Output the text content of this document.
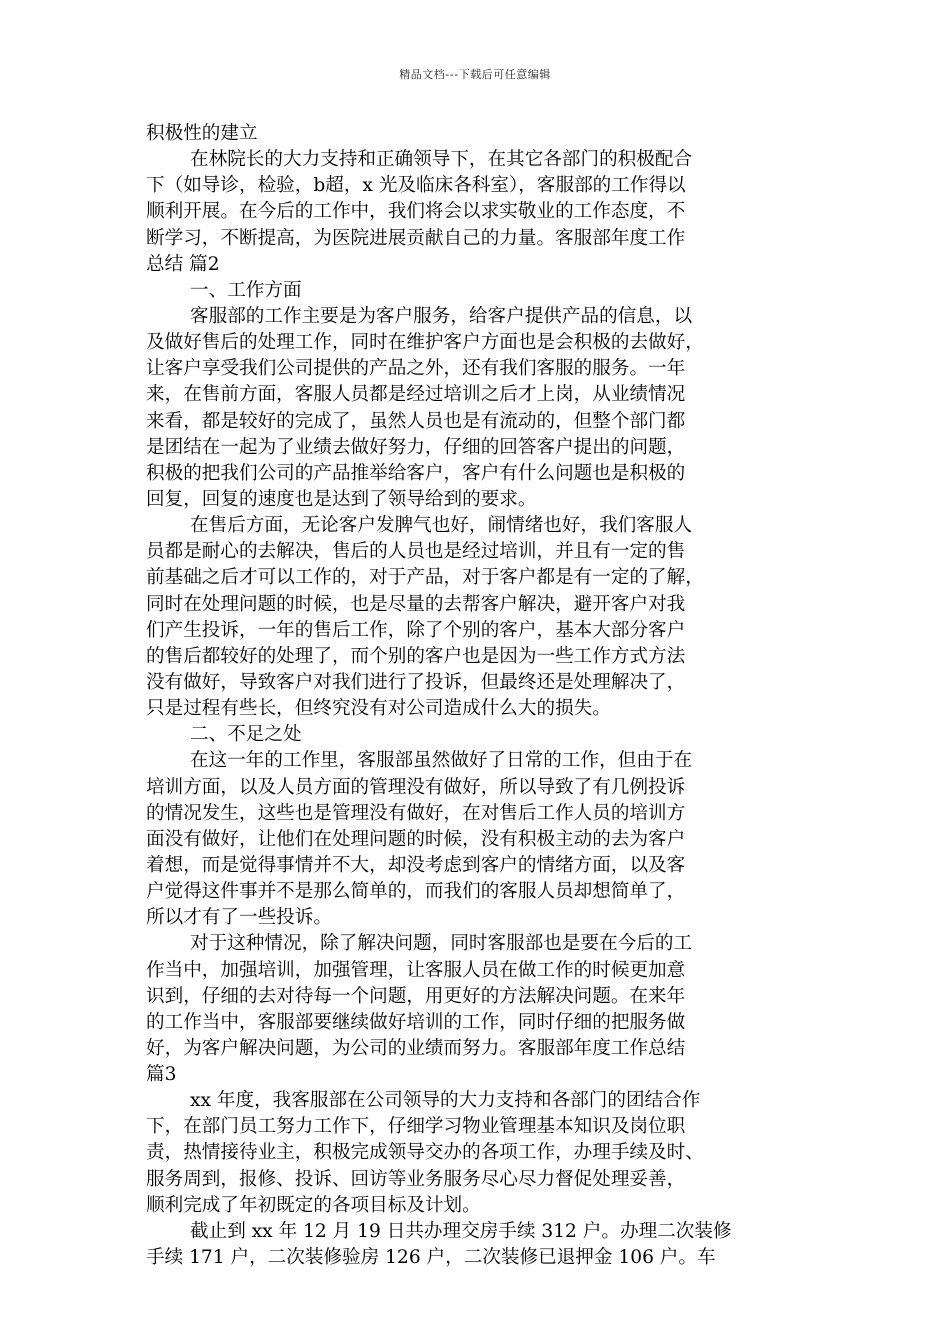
精品文档---下载后可任意编辑
积极性的建立
在林院长的大力支持和正确领导下，在其它各部门的积极配合
下（如导诊，检验，b超，x 光及临床各科室），客服部的工作得以
顺利开展。在今后的工作中，我们将会以求实敬业的工作态度，不
断学习，不断提高，为医院进展贡献自己的力量。客服部年度工作
总结 篇2
一、工作方面
客服部的工作主要是为客户服务，给客户提供产品的信息，以
及做好售后的处理工作，同时在维护客户方面也是会积极的去做好，
让客户享受我们公司提供的产品之外，还有我们客服的服务。一年
来，在售前方面，客服人员都是经过培训之后才上岗，从业绩情况
来看，都是较好的完成了，虽然人员也是有流动的，但整个部门都
是团结在一起为了业绩去做好努力，仔细的回答客户提出的问题，
积极的把我们公司的产品推举给客户，客户有什么问题也是积极的
回复，回复的速度也是达到了领导给到的要求。
在售后方面，无论客户发脾气也好，闹情绪也好，我们客服人
员都是耐心的去解决，售后的人员也是经过培训，并且有一定的售
前基础之后才可以工作的，对于产品，对于客户都是有一定的了解，
同时在处理问题的时候，也是尽量的去帮客户解决，避开客户对我
们产生投诉，一年的售后工作，除了个别的客户，基本大部分客户
的售后都较好的处理了，而个别的客户也是因为一些工作方式方法
没有做好，导致客户对我们进行了投诉，但最终还是处理解决了，
只是过程有些长，但终究没有对公司造成什么大的损失。
二、不足之处
在这一年的工作里，客服部虽然做好了日常的工作，但由于在
培训方面，以及人员方面的管理没有做好，所以导致了有几例投诉
的情况发生，这些也是管理没有做好，在对售后工作人员的培训方
面没有做好，让他们在处理问题的时候，没有积极主动的去为客户
着想，而是觉得事情并不大，却没考虑到客户的情绪方面，以及客
户觉得这件事并不是那么简单的，而我们的客服人员却想简单了，
所以才有了一些投诉。
对于这种情况，除了解决问题，同时客服部也是要在今后的工
作当中，加强培训，加强管理，让客服人员在做工作的时候更加意
识到，仔细的去对待每一个问题，用更好的方法解决问题。在来年
的工作当中，客服部要继续做好培训的工作，同时仔细的把服务做
好，为客户解决问题，为公司的业绩而努力。客服部年度工作总结
篇3
xx 年度，我客服部在公司领导的大力支持和各部门的团结合作
下，在部门员工努力工作下，仔细学习物业管理基本知识及岗位职
责，热情接待业主，积极完成领导交办的各项工作，办理手续及时、
服务周到，报修、投诉、回访等业务服务尽心尽力督促处理妥善，
顺利完成了年初既定的各项目标及计划。
截止到 xx 年 12 月 19 日共办理交房手续 312 户。办理二次装修
手续 171 户，二次装修验房 126 户，二次装修已退押金 106 户。车
